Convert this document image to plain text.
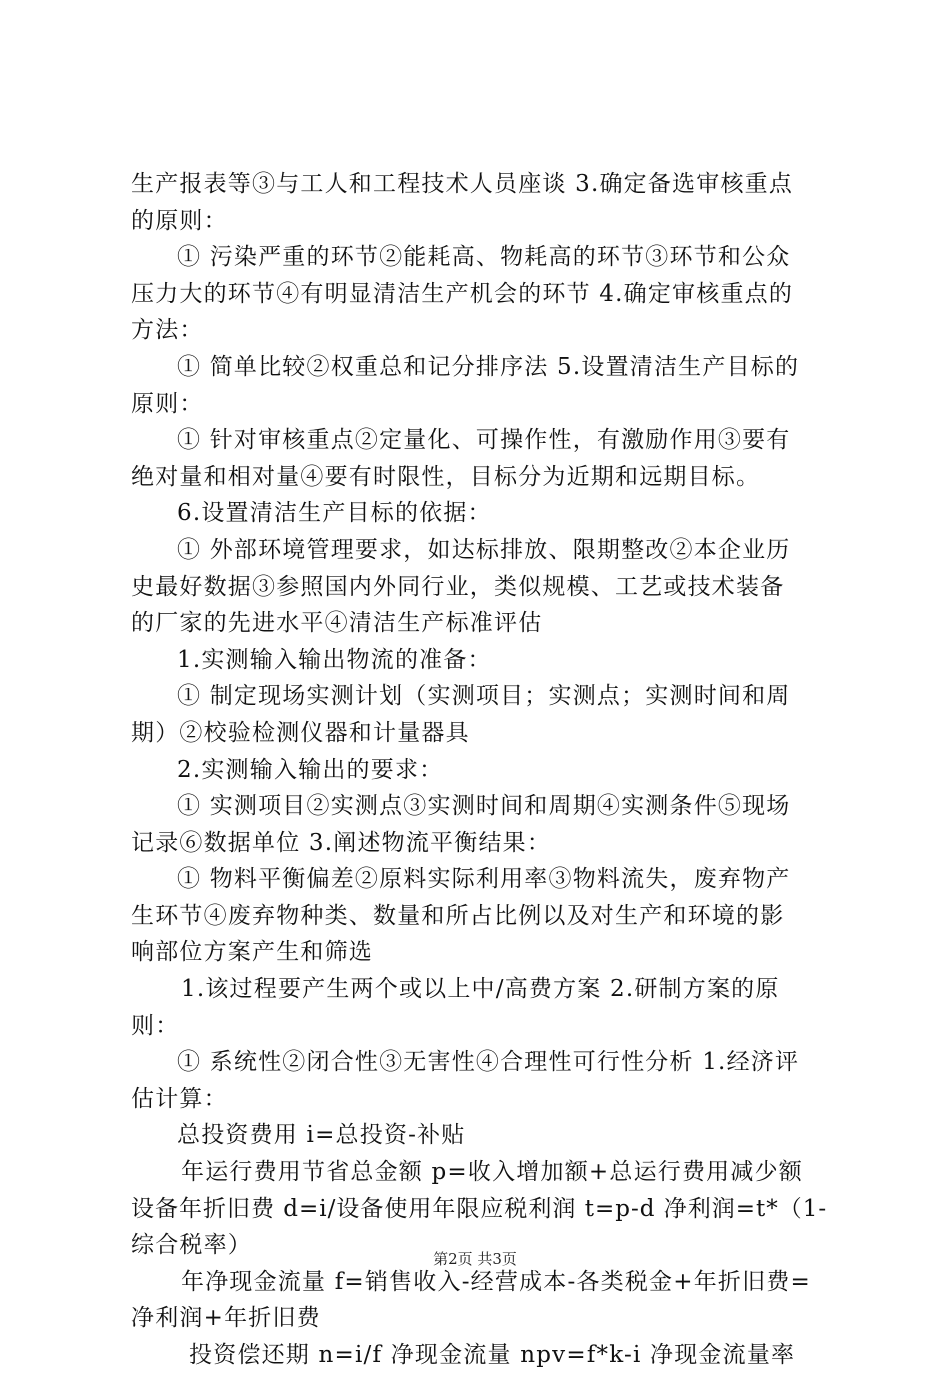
生产报表等③与工人和工程技术人员座谈 3.确定备选审核重点
的原则：
① 污染严重的环节②能耗高、物耗高的环节③环节和公众
压力大的环节④有明显清洁生产机会的环节 4.确定审核重点的
方法：
① 简单比较②权重总和记分排序法 5.设置清洁生产目标的
原则：
① 针对审核重点②定量化、可操作性，有激励作用③要有
绝对量和相对量④要有时限性，目标分为近期和远期目标。
6.设置清洁生产目标的依据：
① 外部环境管理要求，如达标排放、限期整改②本企业历
史最好数据③参照国内外同行业，类似规模、工艺或技术装备
的厂家的先进水平④清洁生产标准评估
1.实测输入输出物流的准备：
① 制定现场实测计划（实测项目；实测点；实测时间和周
期）②校验检测仪器和计量器具
2.实测输入输出的要求：
① 实测项目②实测点③实测时间和周期④实测条件⑤现场
记录⑥数据单位 3.阐述物流平衡结果：
① 物料平衡偏差②原料实际利用率③物料流失，废弃物产
生环节④废弃物种类、数量和所占比例以及对生产和环境的影
响部位方案产生和筛选
1.该过程要产生两个或以上中/高费方案 2.研制方案的原
则：
① 系统性②闭合性③无害性④合理性可行性分析 1.经济评
估计算：
总投资费用 i=总投资-补贴
年运行费用节省总金额 p=收入增加额+总运行费用减少额
设备年折旧费 d=i/设备使用年限应税利润 t=p-d 净利润=t*（1-
综合税率）
年净现金流量 f=销售收入-经营成本-各类税金+年折旧费=
净利润+年折旧费
投资偿还期 n=i/f 净现金流量 npv=f*k-i 净现金流量率
第2页 共3页
